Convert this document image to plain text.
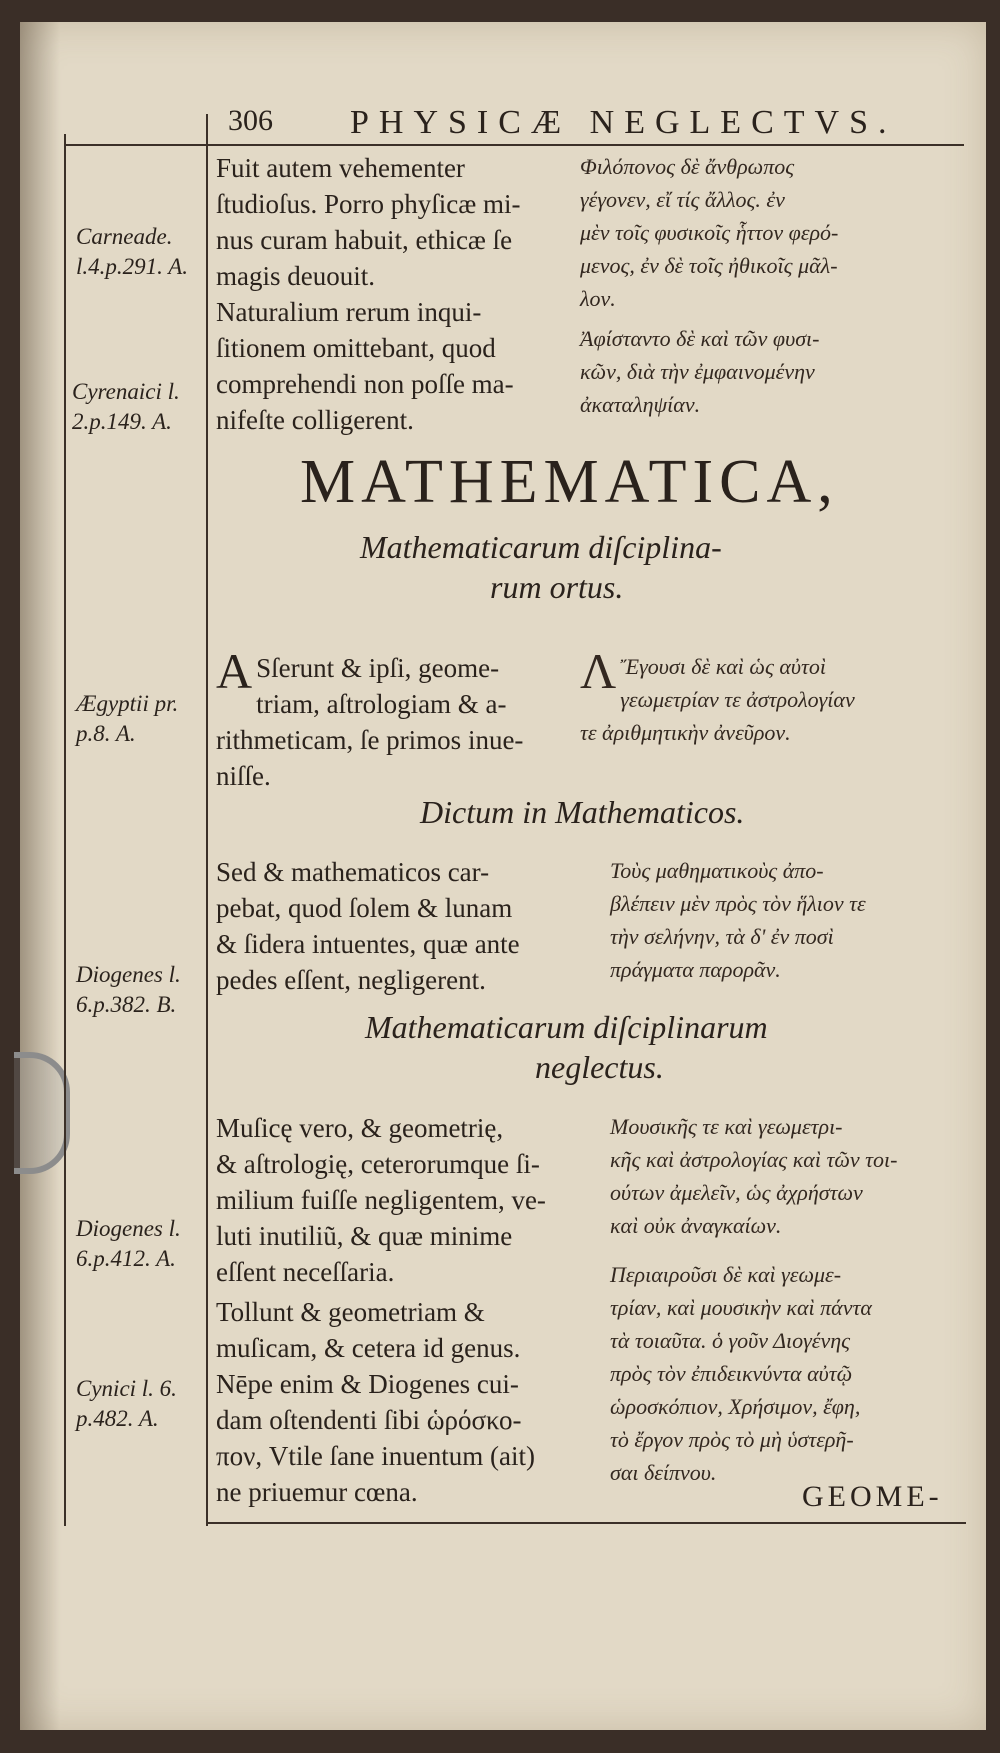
306 PHYSICÆ NEGLECTVS.
Carneade.
l.4.p.291. A.
Cyrenaici l.
2.p.149. A.
Ægyptii pr.
p.8. A.
Diogenes l.
6.p.382. B.
Diogenes l.
6.p.412. A.
Cynici l. 6.
p.482. A.
Fuit autem vehementer
ſtudioſus. Porro phyſicæ mi-
nus curam habuit, ethicæ ſe
magis deuouit.
Φιλόπονος δὲ ἄνθρωπος
γέγονεν, εἴ τίς ἄλλος. ἐν
μὲν τοῖς φυσικοῖς ἧττον φερό-
μενος, ἐν δὲ τοῖς ἠθικοῖς μᾶλ-
λον.
Naturalium rerum inqui-
ſitionem omittebant, quod
comprehendi non poſſe ma-
nifeſte colligerent.
Ἀφίσταντο δὲ καὶ τῶν φυσι-
κῶν, διὰ τὴν ἐμφαινομένην
ἀκαταληψίαν.
MATHEMATICA,
Mathematicarum diſcipl⁠ina-
rum ortus.
A Sſerunt & ipſi, geome-
triam, aſtrologiam & a-
rithmeticam, ſe primos inue-
niſſe.
Λ Ἔγουσι δὲ καὶ ὡς αὐτοὶ
γεωμετρίαν τε ἀστρολογίαν
τε ἀριθμητικὴν ἀνεῦρον.
Dictum in Mathematicos.
Sed & mathematicos car-
pebat, quod ſolem & lunam
& ſidera intuentes, quæ ante
pedes eſſent, negligerent.
Τοὺς μαθηματικοὺς ἀπο-
βλέπειν μὲν πρὸς τὸν ἥλιον τε
τὴν σελήνην, τὰ δ' ἐν ποσὶ
πράγματα παρορᾶν.
Mathematicarum diſciplinarum
neglectus.
Muſicę vero, & geometrię,
& aſtrologię, ceterorumque ſi-
milium fuiſſe negligentem, ve-
luti inutiliũ, & quæ minime
eſſent neceſſaria.
Μουσικῆς τε καὶ γεωμετρι-
κῆς καὶ ἀστρολογίας καὶ τῶν τοι-
ούτων ἀμελεῖν, ὡς ἀχρήστων
καὶ οὐκ ἀναγκαίων.
Tollunt & geometriam &
muſicam, & cetera id genus.
Nēpe enim & Diogenes cui-
dam oſtendenti ſibi ὡρόσκο-
πον, Vtile ſane inuentum (ait)
ne priuemur cœna.
Περιαιροῦσι δὲ καὶ γεωμε-
τρίαν, καὶ μουσικὴν καὶ πάντα
τὰ τοιαῦτα. ὁ γοῦν Διογένης
πρὸς τὸν ἐπιδεικνύντα αὐτῷ
ὡροσκόπιον, Χρήσιμον, ἔφη,
τὸ ἔργον πρὸς τὸ μὴ ὑστερῆ-
σαι δείπνου.
GEOME-
